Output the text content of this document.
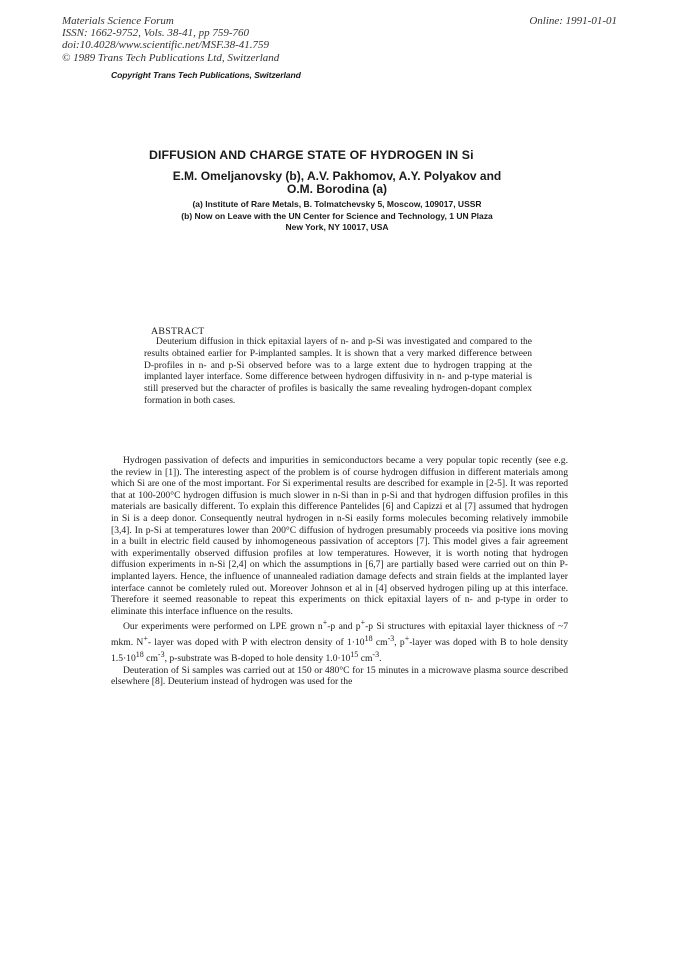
Materials Science Forum
ISSN: 1662-9752, Vols. 38-41, pp 759-760
doi:10.4028/www.scientific.net/MSF.38-41.759
© 1989 Trans Tech Publications Ltd, Switzerland
Online: 1991-01-01
Copyright Trans Tech Publications, Switzerland
DIFFUSION AND CHARGE STATE OF HYDROGEN IN Si
E.M. Omeljanovsky (b), A.V. Pakhomov, A.Y. Polyakov and
O.M. Borodina (a)
(a) Institute of Rare Metals, B. Tolmatchevsky 5, Moscow, 109017, USSR
(b) Now on Leave with the UN Center for Science and Technology, 1 UN Plaza
New York, NY 10017, USA
ABSTRACT

Deuterium diffusion in thick epitaxial layers of n- and p-Si was investigated and compared to the results obtained earlier for P-implanted samples. It is shown that a very marked difference between D-profiles in n- and p-Si observed before was to a large extent due to hydrogen trapping at the implanted layer interface. Some difference between hydrogen diffusivity in n- and p-type material is still preserved but the character of profiles is basically the same revealing hydrogen-dopant complex formation in both cases.

Hydrogen passivation of defects and impurities in semiconductors became a very popular topic recently (see e.g. the review in [1]). The interesting aspect of the problem is of course hydrogen diffusion in different materials among which Si are one of the most important. For Si experimental results are described for example in [2-5]. It was reported that at 100-200°C hydrogen diffusion is much slower in n-Si than in p-Si and that hydrogen diffusion profiles in this materials are basically different. To explain this difference Pantelides [6] and Capizzi et al [7] assumed that hydrogen in Si is a deep donor. Consequently neutral hydrogen in n-Si easily forms molecules becoming relatively immobile [3,4]. In p-Si at temperatures lower than 200°C diffusion of hydrogen presumably proceeds via positive ions moving in a built in electric field caused by inhomogeneous passivation of acceptors [7]. This model gives a fair agreement with experimentally observed diffusion profiles at low temperatures. However, it is worth noting that hydrogen diffusion experiments in n-Si [2,4] on which the assumptions in [6,7] are partially based were carried out on thin P-implanted layers. Hence, the influence of unannealed radiation damage defects and strain fields at the implanted layer interface cannot be comletely ruled out. Moreover Johnson et al in [4] observed hydrogen piling up at this interface. Therefore it seemed reasonable to repeat this experiments on thick epitaxial layers of n- and p-type in order to eliminate this interface influence on the results.

Our experiments were performed on LPE grown n+-p and p+-p Si structures with epitaxial layer thickness of ~7 mkm. N+- layer was doped with P with electron density of $1\cdot 10^{18}$ $cm^{-3}$, p+-layer was doped with B to hole density $1.5\cdot 10^{18}$ $cm^{-3}$, p-substrate was B-doped to hole density $1.0\cdot 10^{15}$ $cm^{-3}$.

Deuteration of Si samples was carried out at 150 or 480°C for 15 minutes in a microwave plasma source described elsewhere [8]. Deuterium instead of hydrogen was used for the
